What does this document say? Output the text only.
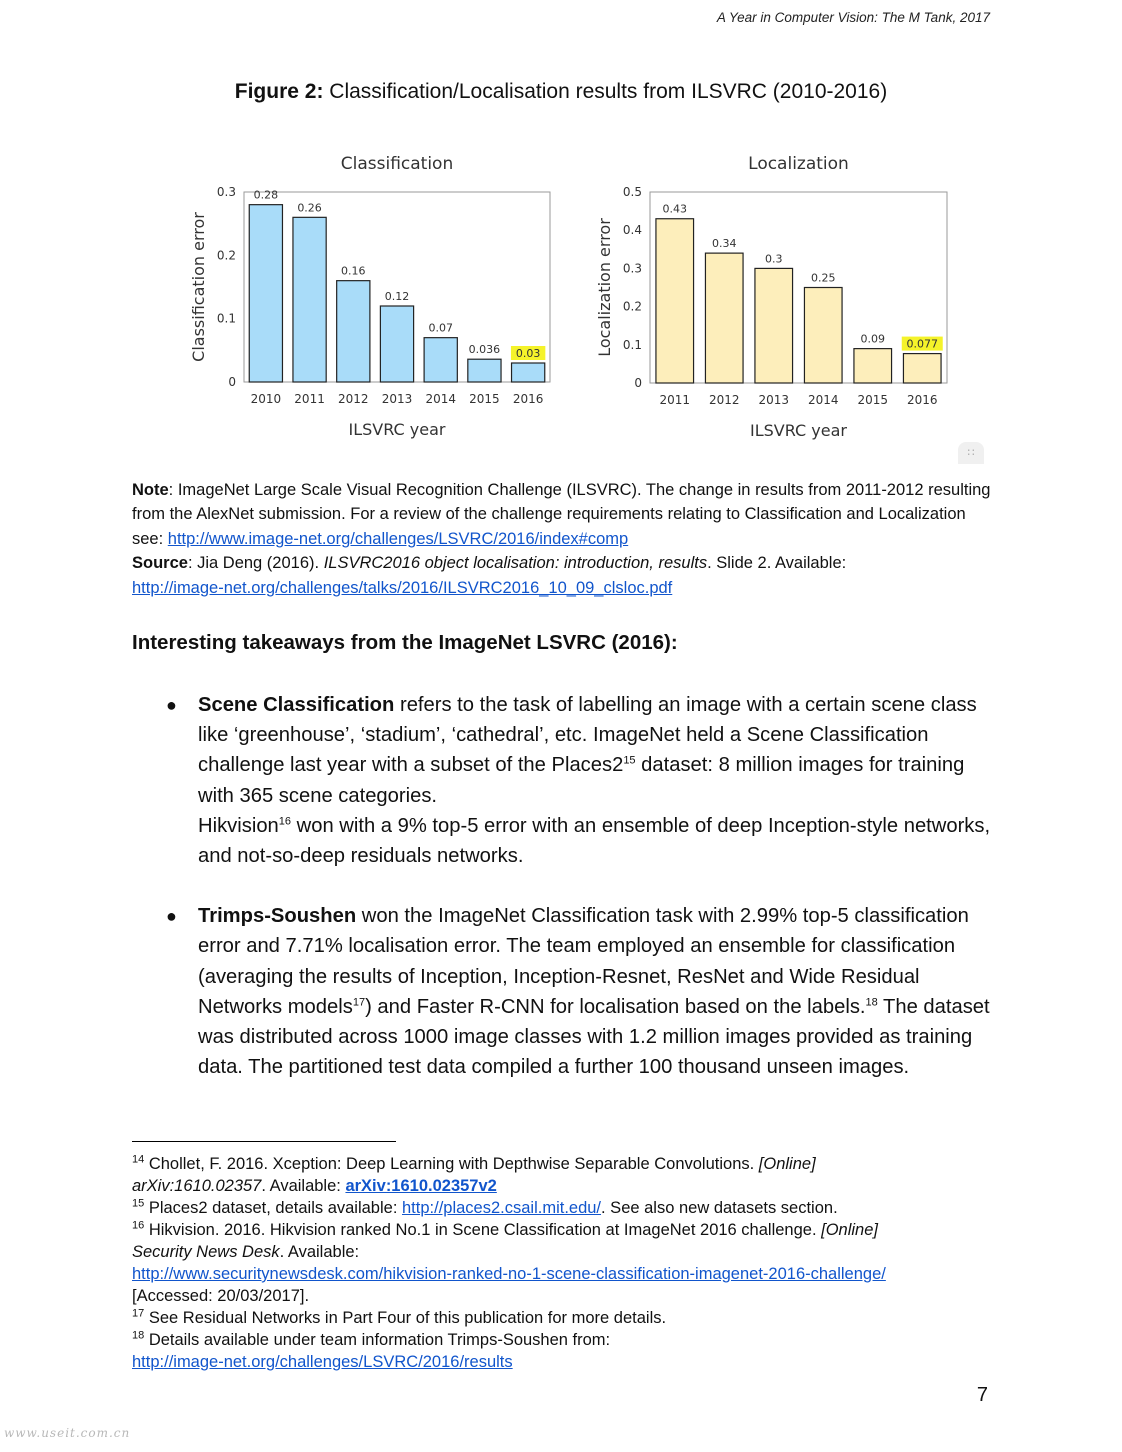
A Year in Computer Vision: The M Tank, 2017
Figure 2: Classification/Localisation results from ILSVRC (2010-2016)
Classification
0
0.1
0.2
0.3
Classification error
0.28
2010
0.26
2011
0.16
2012
0.12
2013
0.07
2014
0.036
2015
0.03
2016
ILSVRC year
Localization
0
0.1
0.2
0.3
0.4
0.5
Localization error
0.43
2011
0.34
2012
0.3
2013
0.25
2014
0.09
2015
0.077
2016
ILSVRC year
∷
Note: ImageNet Large Scale Visual Recognition Challenge (ILSVRC). The change in results from 2011-2012 resulting from the AlexNet submission. For a review of the challenge requirements relating to Classification and Localization see: http://www.image-net.org/challenges/LSVRC/2016/index#comp
Source: Jia Deng (2016). ILSVRC2016 object localisation: introduction, results. Slide 2. Available:
http://image-net.org/challenges/talks/2016/ILSVRC2016_10_09_clsloc.pdf
Interesting takeaways from the ImageNet LSVRC (2016):
● Scene Classification refers to the task of labelling an image with a certain scene class like ‘greenhouse’, ‘stadium’, ‘cathedral’, etc. ImageNet held a Scene Classification challenge last year with a subset of the $Places2^{15}$ dataset: 8 million images for training with 365 scene categories.
Hikvision$^{16}$ won with a 9% top-5 error with an ensemble of deep Inception-style networks, and not-so-deep residuals networks.
● Trimps-Soushen won the ImageNet Classification task with 2.99% top-5 classification error and 7.71% localisation error. The team employed an ensemble for classification (averaging the results of Inception, Inception-Resnet, ResNet and Wide Residual Networks models$^{17}$) and Faster R-CNN for localisation based on the labels.$^{18}$ The dataset was distributed across 1000 image classes with 1.2 million images provided as training data. The partitioned test data compiled a further 100 thousand unseen images.
$^{14}$ Chollet, F. 2016. Xception: Deep Learning with Depthwise Separable Convolutions. [Online]
arXiv:1610.02357. Available: arXiv:1610.02357v2
$^{15}$ Places2 dataset, details available: http://places2.csail.mit.edu/. See also new datasets section.
$^{16}$ Hikvision. 2016. Hikvision ranked No.1 in Scene Classification at ImageNet 2016 challenge. [Online]
Security News Desk. Available:
http://www.securitynewsdesk.com/hikvision-ranked-no-1-scene-classification-imagenet-2016-challenge/
[Accessed: 20/03/2017].
$^{17}$ See Residual Networks in Part Four of this publication for more details.
$^{18}$ Details available under team information Trimps-Soushen from:
http://image-net.org/challenges/LSVRC/2016/results
7
www.useit.com.cn
